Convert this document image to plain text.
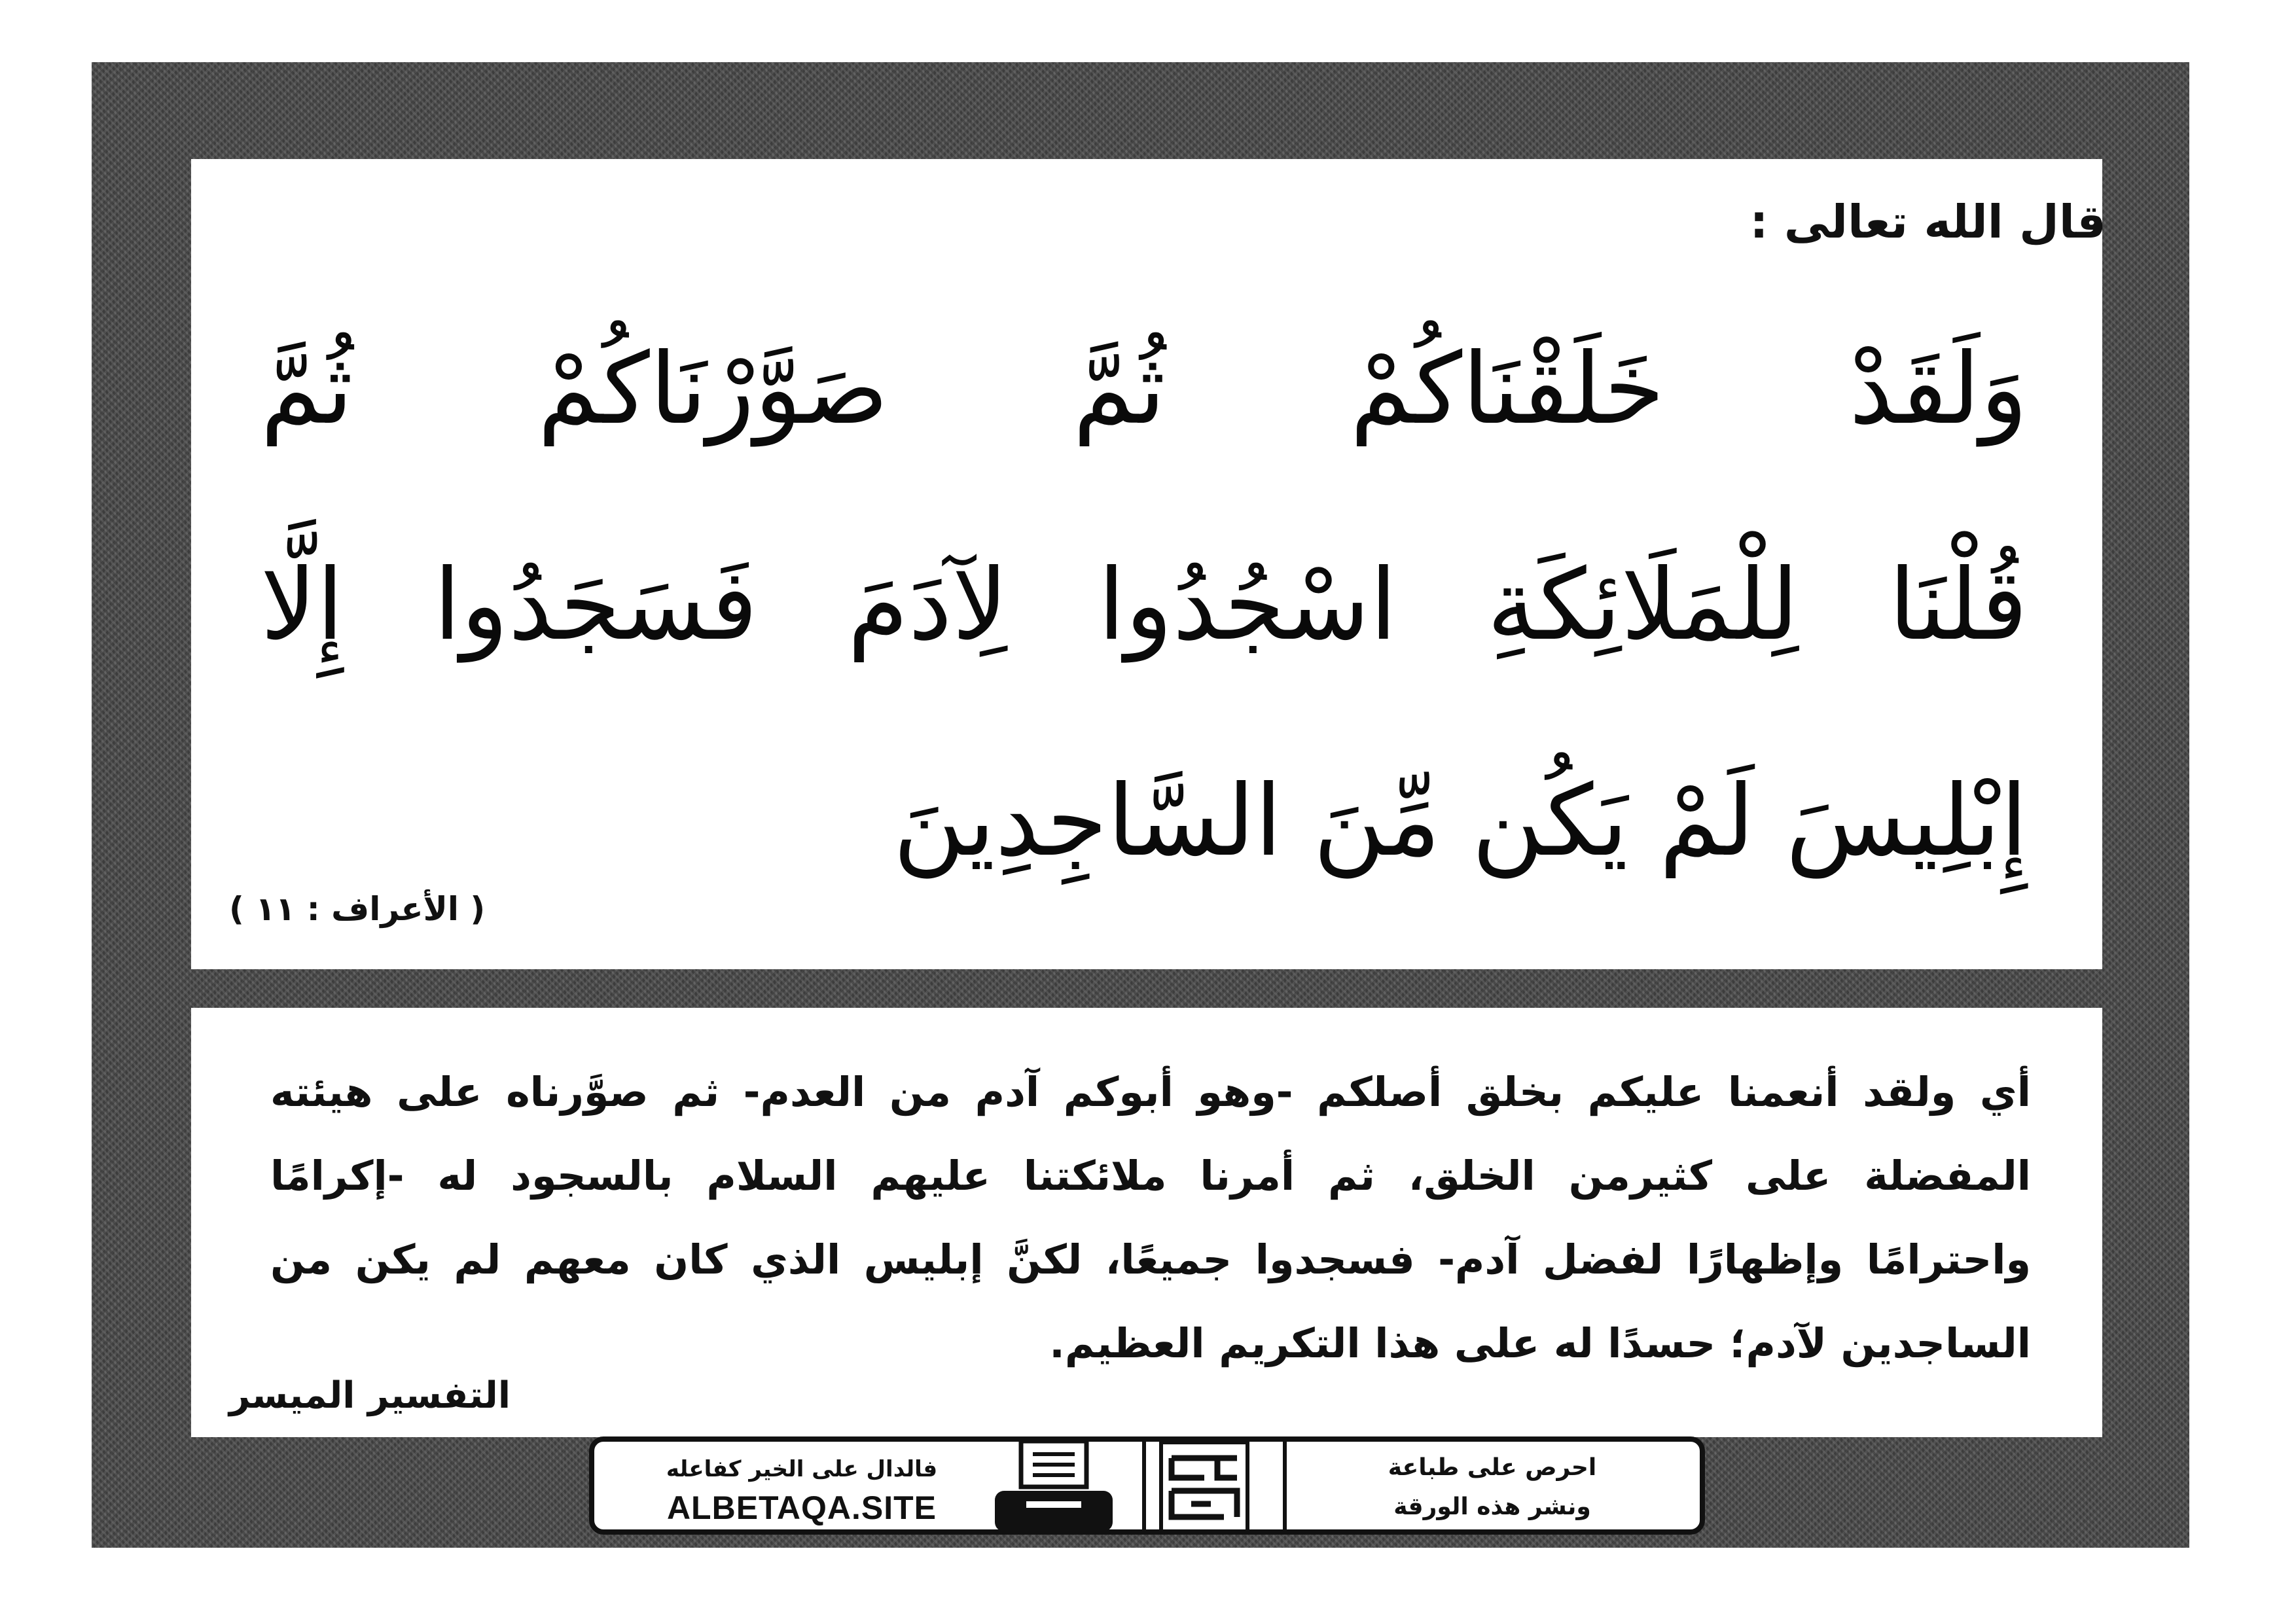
قال الله تعالى :
وَلَقَدْ خَلَقْنَاكُمْ ثُمَّ صَوَّرْنَاكُمْ ثُمَّ
قُلْنَا لِلْمَلَائِكَةِ اسْجُدُوا لِآدَمَ فَسَجَدُوا إِلَّا
إِبْلِيسَ لَمْ يَكُن مِّنَ السَّاجِدِينَ
( الأعراف : ١١ )
أي ولقد أنعمنا عليكم بخلق أصلكم -وهو أبوكم آدم من العدم- ثم صوَّرناه على هيئته
المفضلة على كثيرمن الخلق، ثم أمرنا ملائكتنا عليهم السلام بالسجود له -إكرامًا
واحترامًا وإظهارًا لفضل آدم- فسجدوا جميعًا، لكنَّ إبليس الذي كان معهم لم يكن من
الساجدين لآدم؛ حسدًا له على هذا التكريم العظيم.
التفسير الميسر
فالدال على الخير كفاعله
ALBETAQA.SITE
احرص على طباعة
ونشر هذه الورقة
